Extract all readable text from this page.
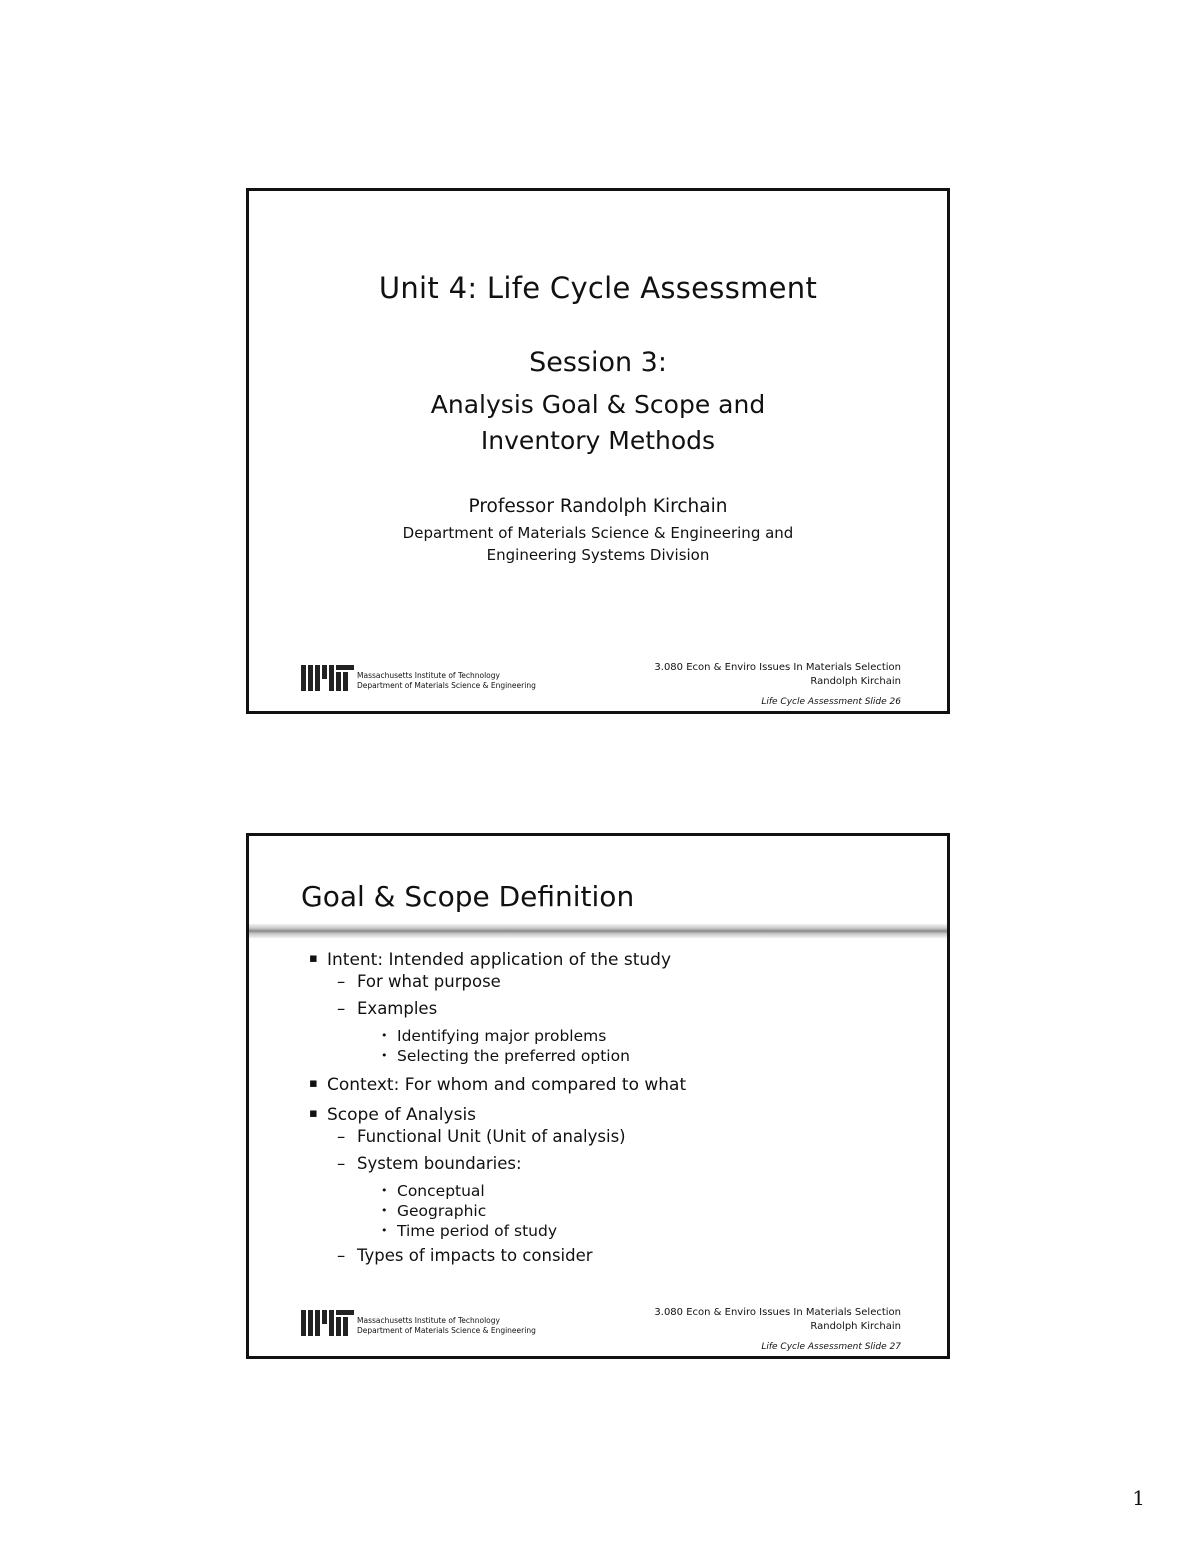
Unit 4: Life Cycle Assessment
Session 3:
Analysis Goal & Scope and
Inventory Methods
Professor Randolph Kirchain
Department of Materials Science & Engineering and
Engineering Systems Division
Massachusetts Institute of Technology
Department of Materials Science & Engineering
3.080 Econ & Enviro Issues In Materials Selection
Randolph Kirchain
Life Cycle Assessment Slide 26
Goal & Scope Definition
▪ Intent: Intended application of the study
– For what purpose
– Examples
• Identifying major problems
• Selecting the preferred option
▪ Context: For whom and compared to what
▪ Scope of Analysis
– Functional Unit (Unit of analysis)
– System boundaries:
• Conceptual
• Geographic
• Time period of study
– Types of impacts to consider
Massachusetts Institute of Technology
Department of Materials Science & Engineering
3.080 Econ & Enviro Issues In Materials Selection
Randolph Kirchain
Life Cycle Assessment Slide 27
1
